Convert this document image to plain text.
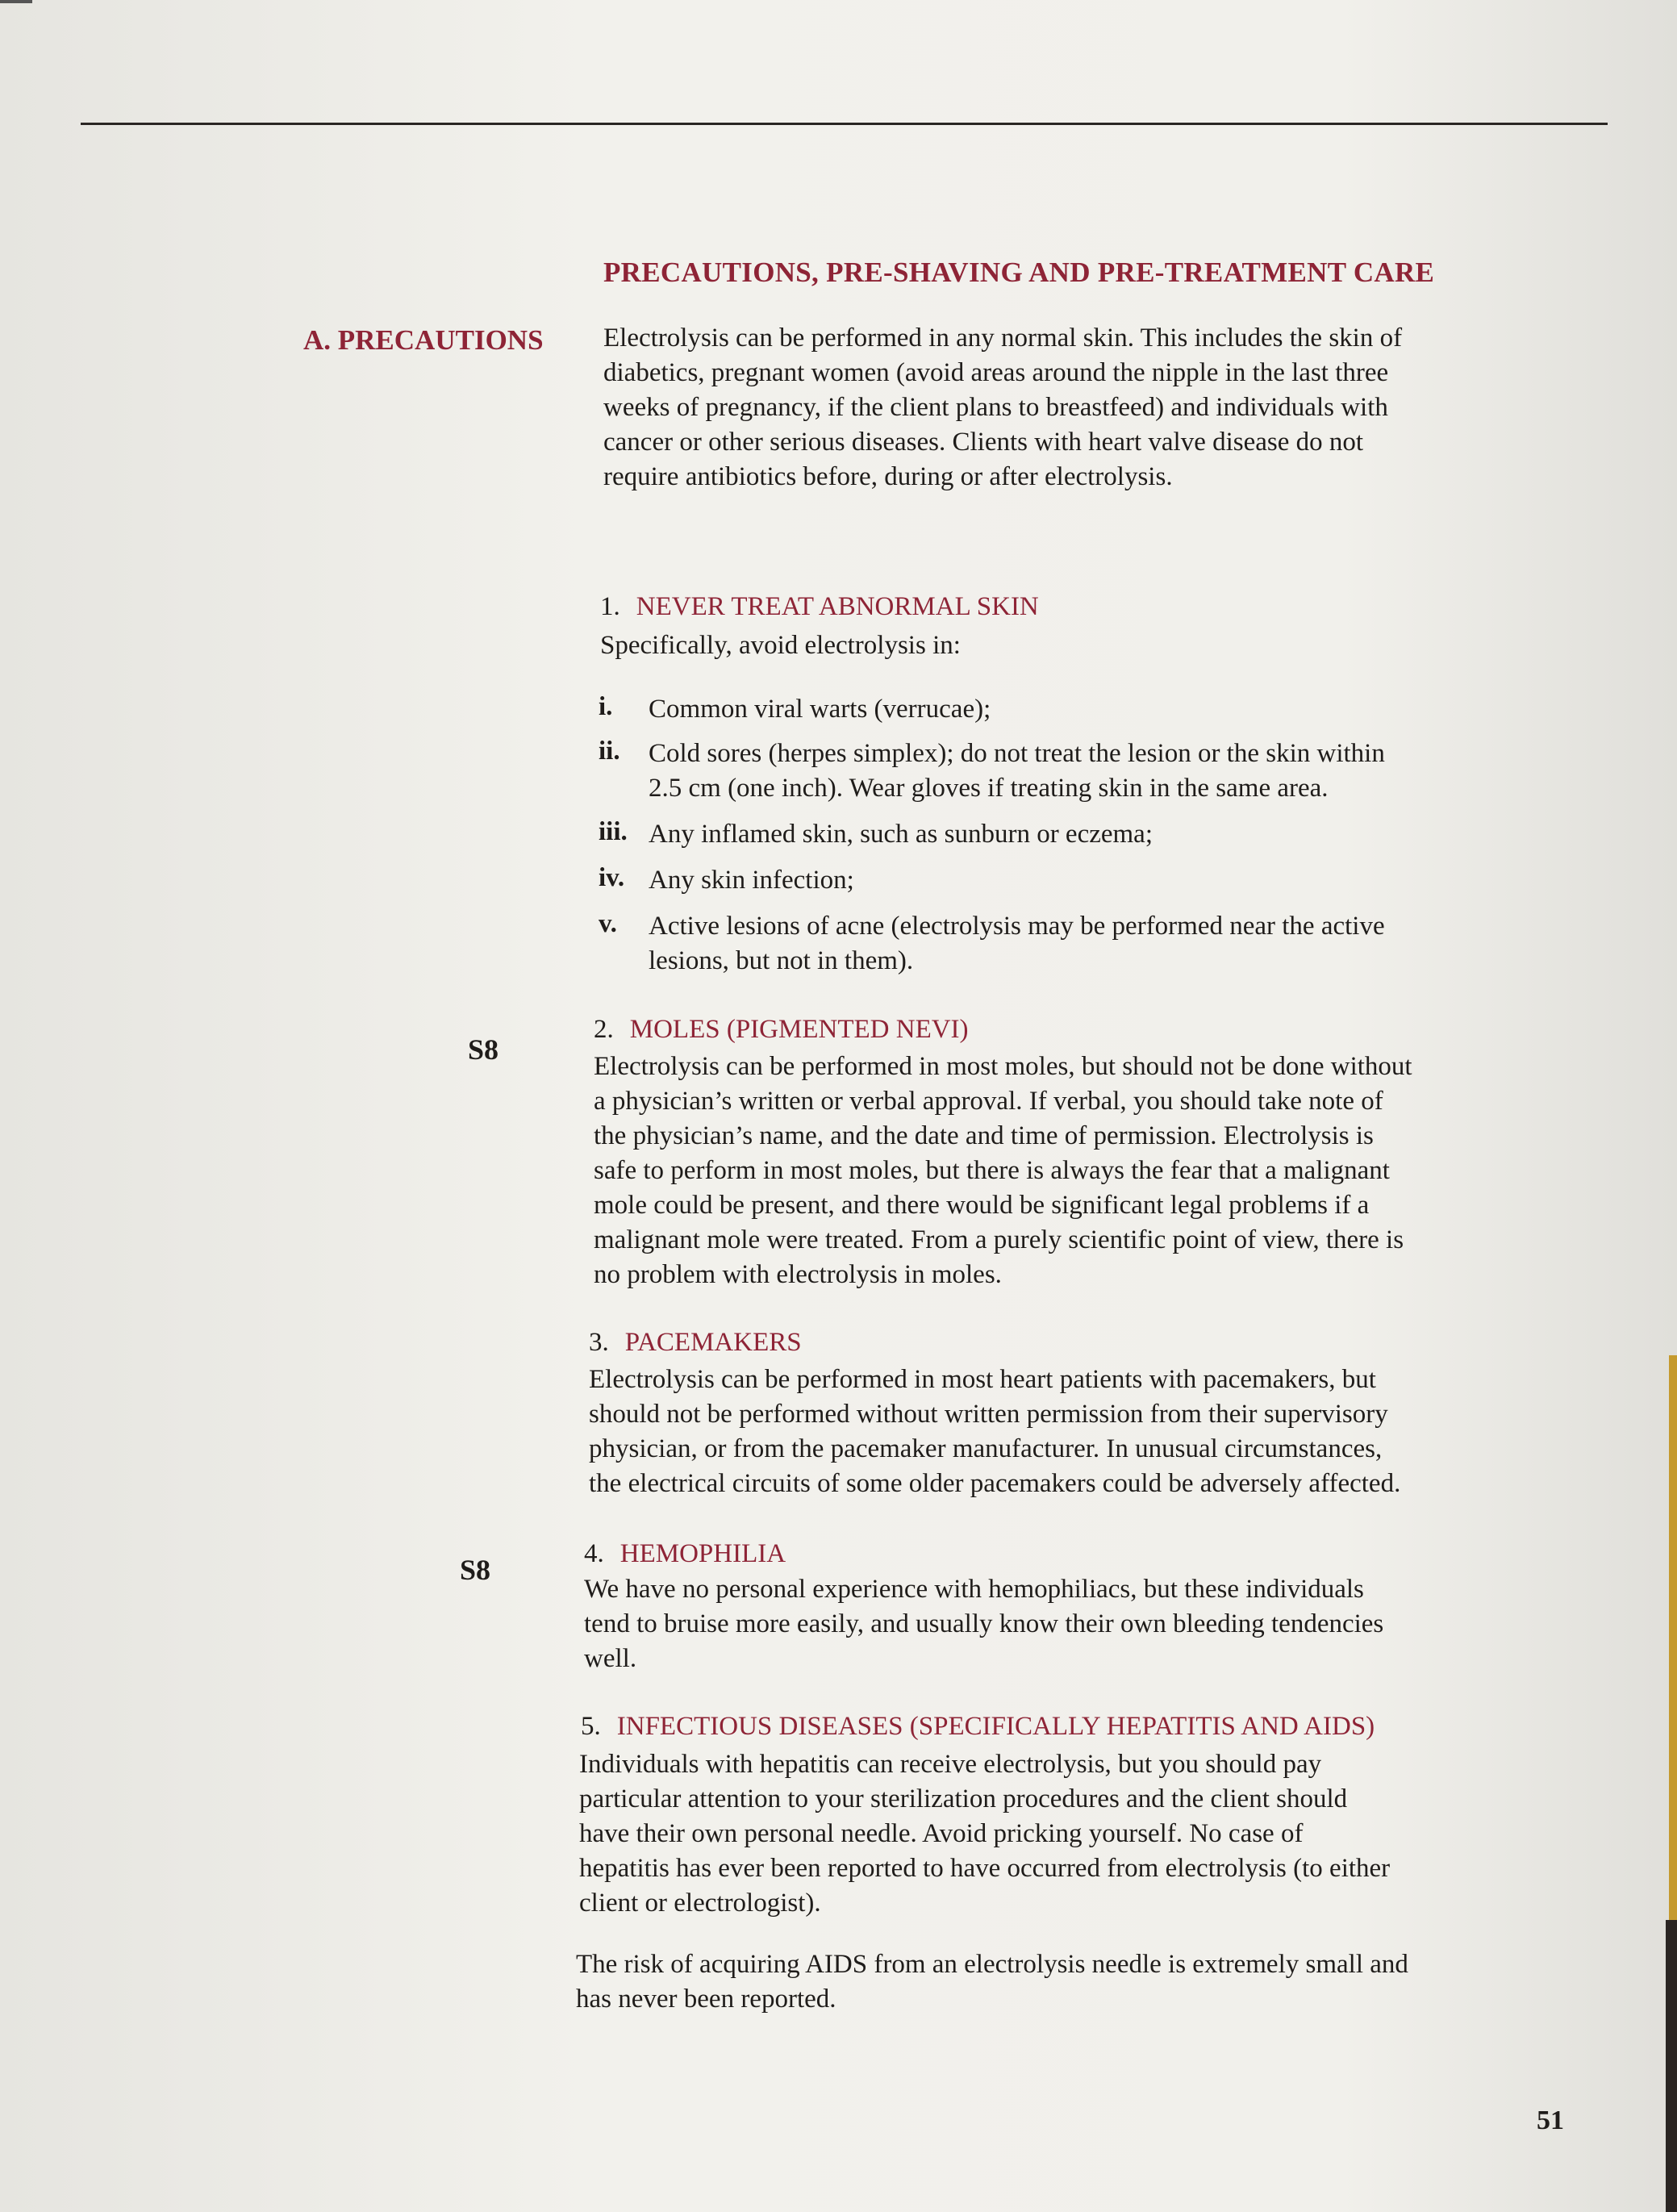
PRECAUTIONS, PRE-SHAVING AND PRE-TREATMENT CARE
A. PRECAUTIONS Electrolysis can be performed in any normal skin. This includes the skin of
diabetics, pregnant women (avoid areas around the nipple in the last three
weeks of pregnancy, if the client plans to breastfeed) and individuals with
cancer or other serious diseases. Clients with heart valve disease do not
require antibiotics before, during or after electrolysis.
1. NEVER TREAT ABNORMAL SKIN
Specifically, avoid electrolysis in:
i. Common viral warts (verrucae);
ii. Cold sores (herpes simplex); do not treat the lesion or the skin within
2.5 cm (one inch). Wear gloves if treating skin in the same area.
iii. Any inflamed skin, such as sunburn or eczema;
iv. Any skin infection;
v. Active lesions of acne (electrolysis may be performed near the active
lesions, but not in them).
S8
S8
2. MOLES (PIGMENTED NEVI)
Electrolysis can be performed in most moles, but should not be done without
a physician’s written or verbal approval. If verbal, you should take note of
the physician’s name, and the date and time of permission. Electrolysis is
safe to perform in most moles, but there is always the fear that a malignant
mole could be present, and there would be significant legal problems if a
malignant mole were treated. From a purely scientific point of view, there is
no problem with electrolysis in moles.
3. PACEMAKERS
Electrolysis can be performed in most heart patients with pacemakers, but
should not be performed without written permission from their supervisory
physician, or from the pacemaker manufacturer. In unusual circumstances,
the electrical circuits of some older pacemakers could be adversely affected.
4. HEMOPHILIA
We have no personal experience with hemophiliacs, but these individuals
tend to bruise more easily, and usually know their own bleeding tendencies
well.
5. INFECTIOUS DISEASES (SPECIFICALLY HEPATITIS AND AIDS)
Individuals with hepatitis can receive electrolysis, but you should pay
particular attention to your sterilization procedures and the client should
have their own personal needle. Avoid pricking yourself. No case of
hepatitis has ever been reported to have occurred from electrolysis (to either
client or electrologist).
The risk of acquiring AIDS from an electrolysis needle is extremely small and
has never been reported.
51
